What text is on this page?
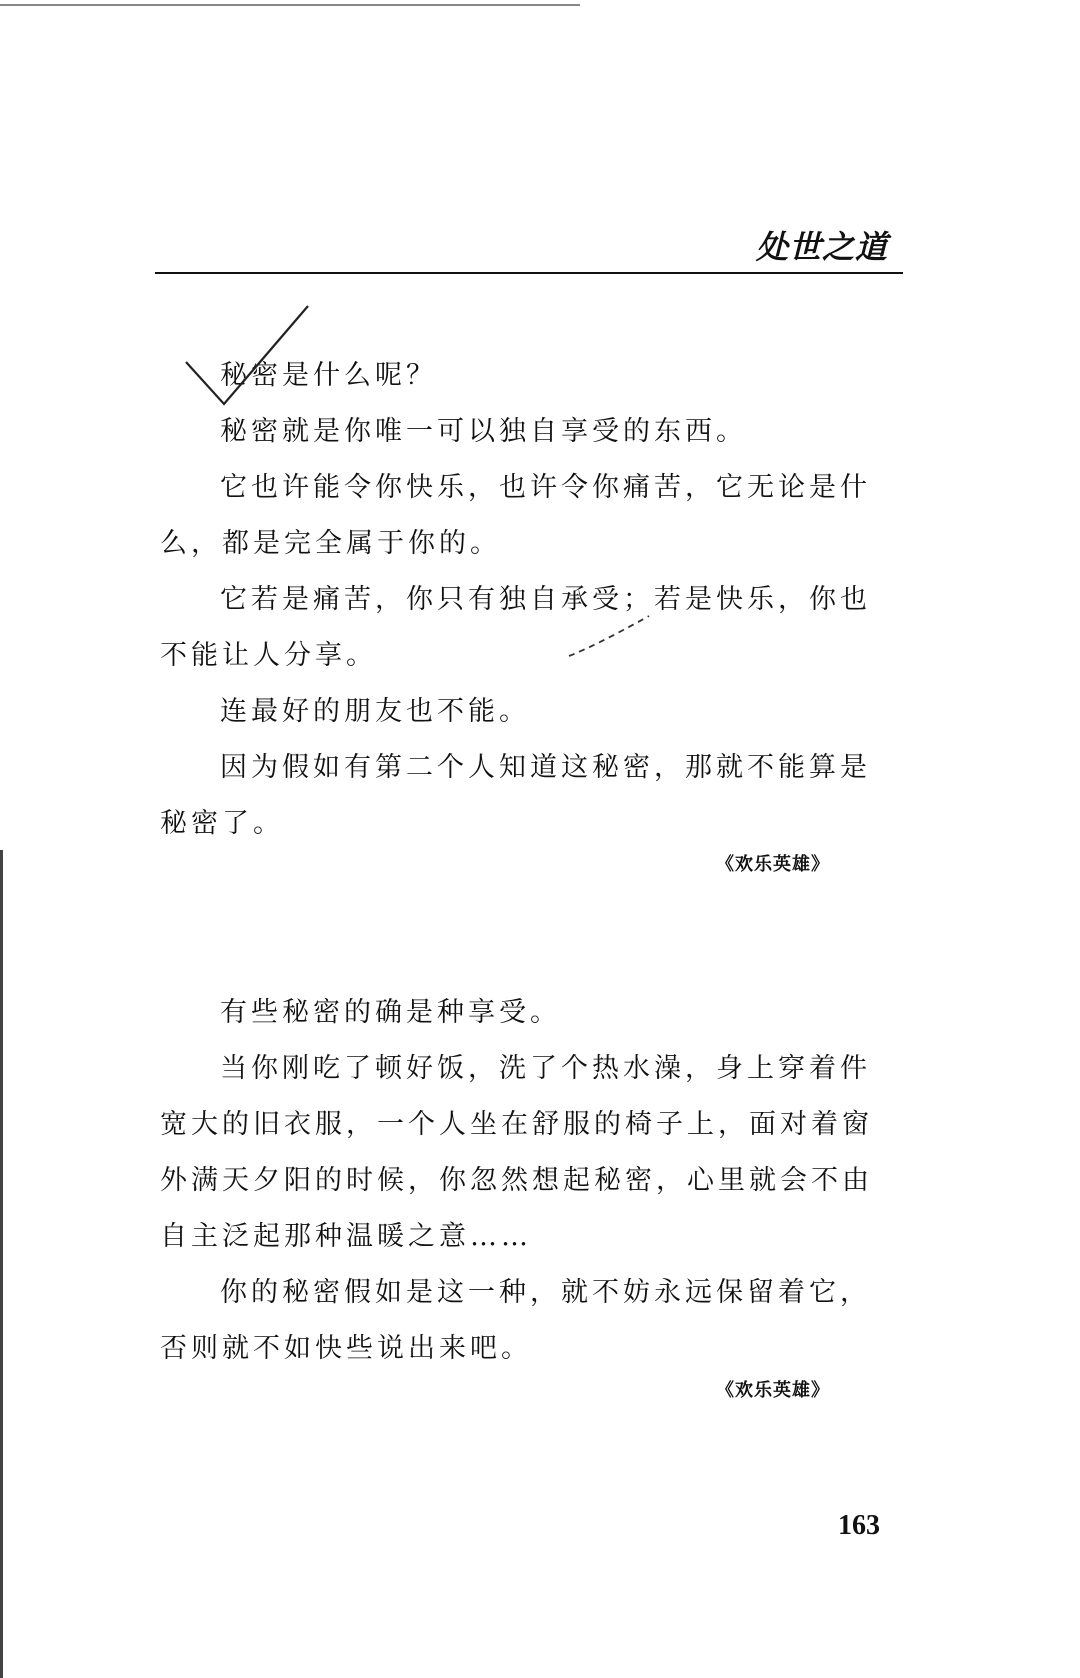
处世之道

秘密是什么呢？

秘密就是你唯一可以独自享受的东西。

它也许能令你快乐，也许令你痛苦，它无论是什么，都是完全属于你的。

它若是痛苦，你只有独自承受；若是快乐，你也不能让人分享。

连最好的朋友也不能。

因为假如有第二个人知道这秘密，那就不能算是秘密了。

《欢乐英雄》

有些秘密的确是种享受。

当你刚吃了顿好饭，洗了个热水澡，身上穿着件宽大的旧衣服，一个人坐在舒服的椅子上，面对着窗外满天夕阳的时候，你忽然想起秘密，心里就会不由自主泛起那种温暖之意……

你的秘密假如是这一种，就不妨永远保留着它，否则就不如快些说出来吧。

《欢乐英雄》
163
